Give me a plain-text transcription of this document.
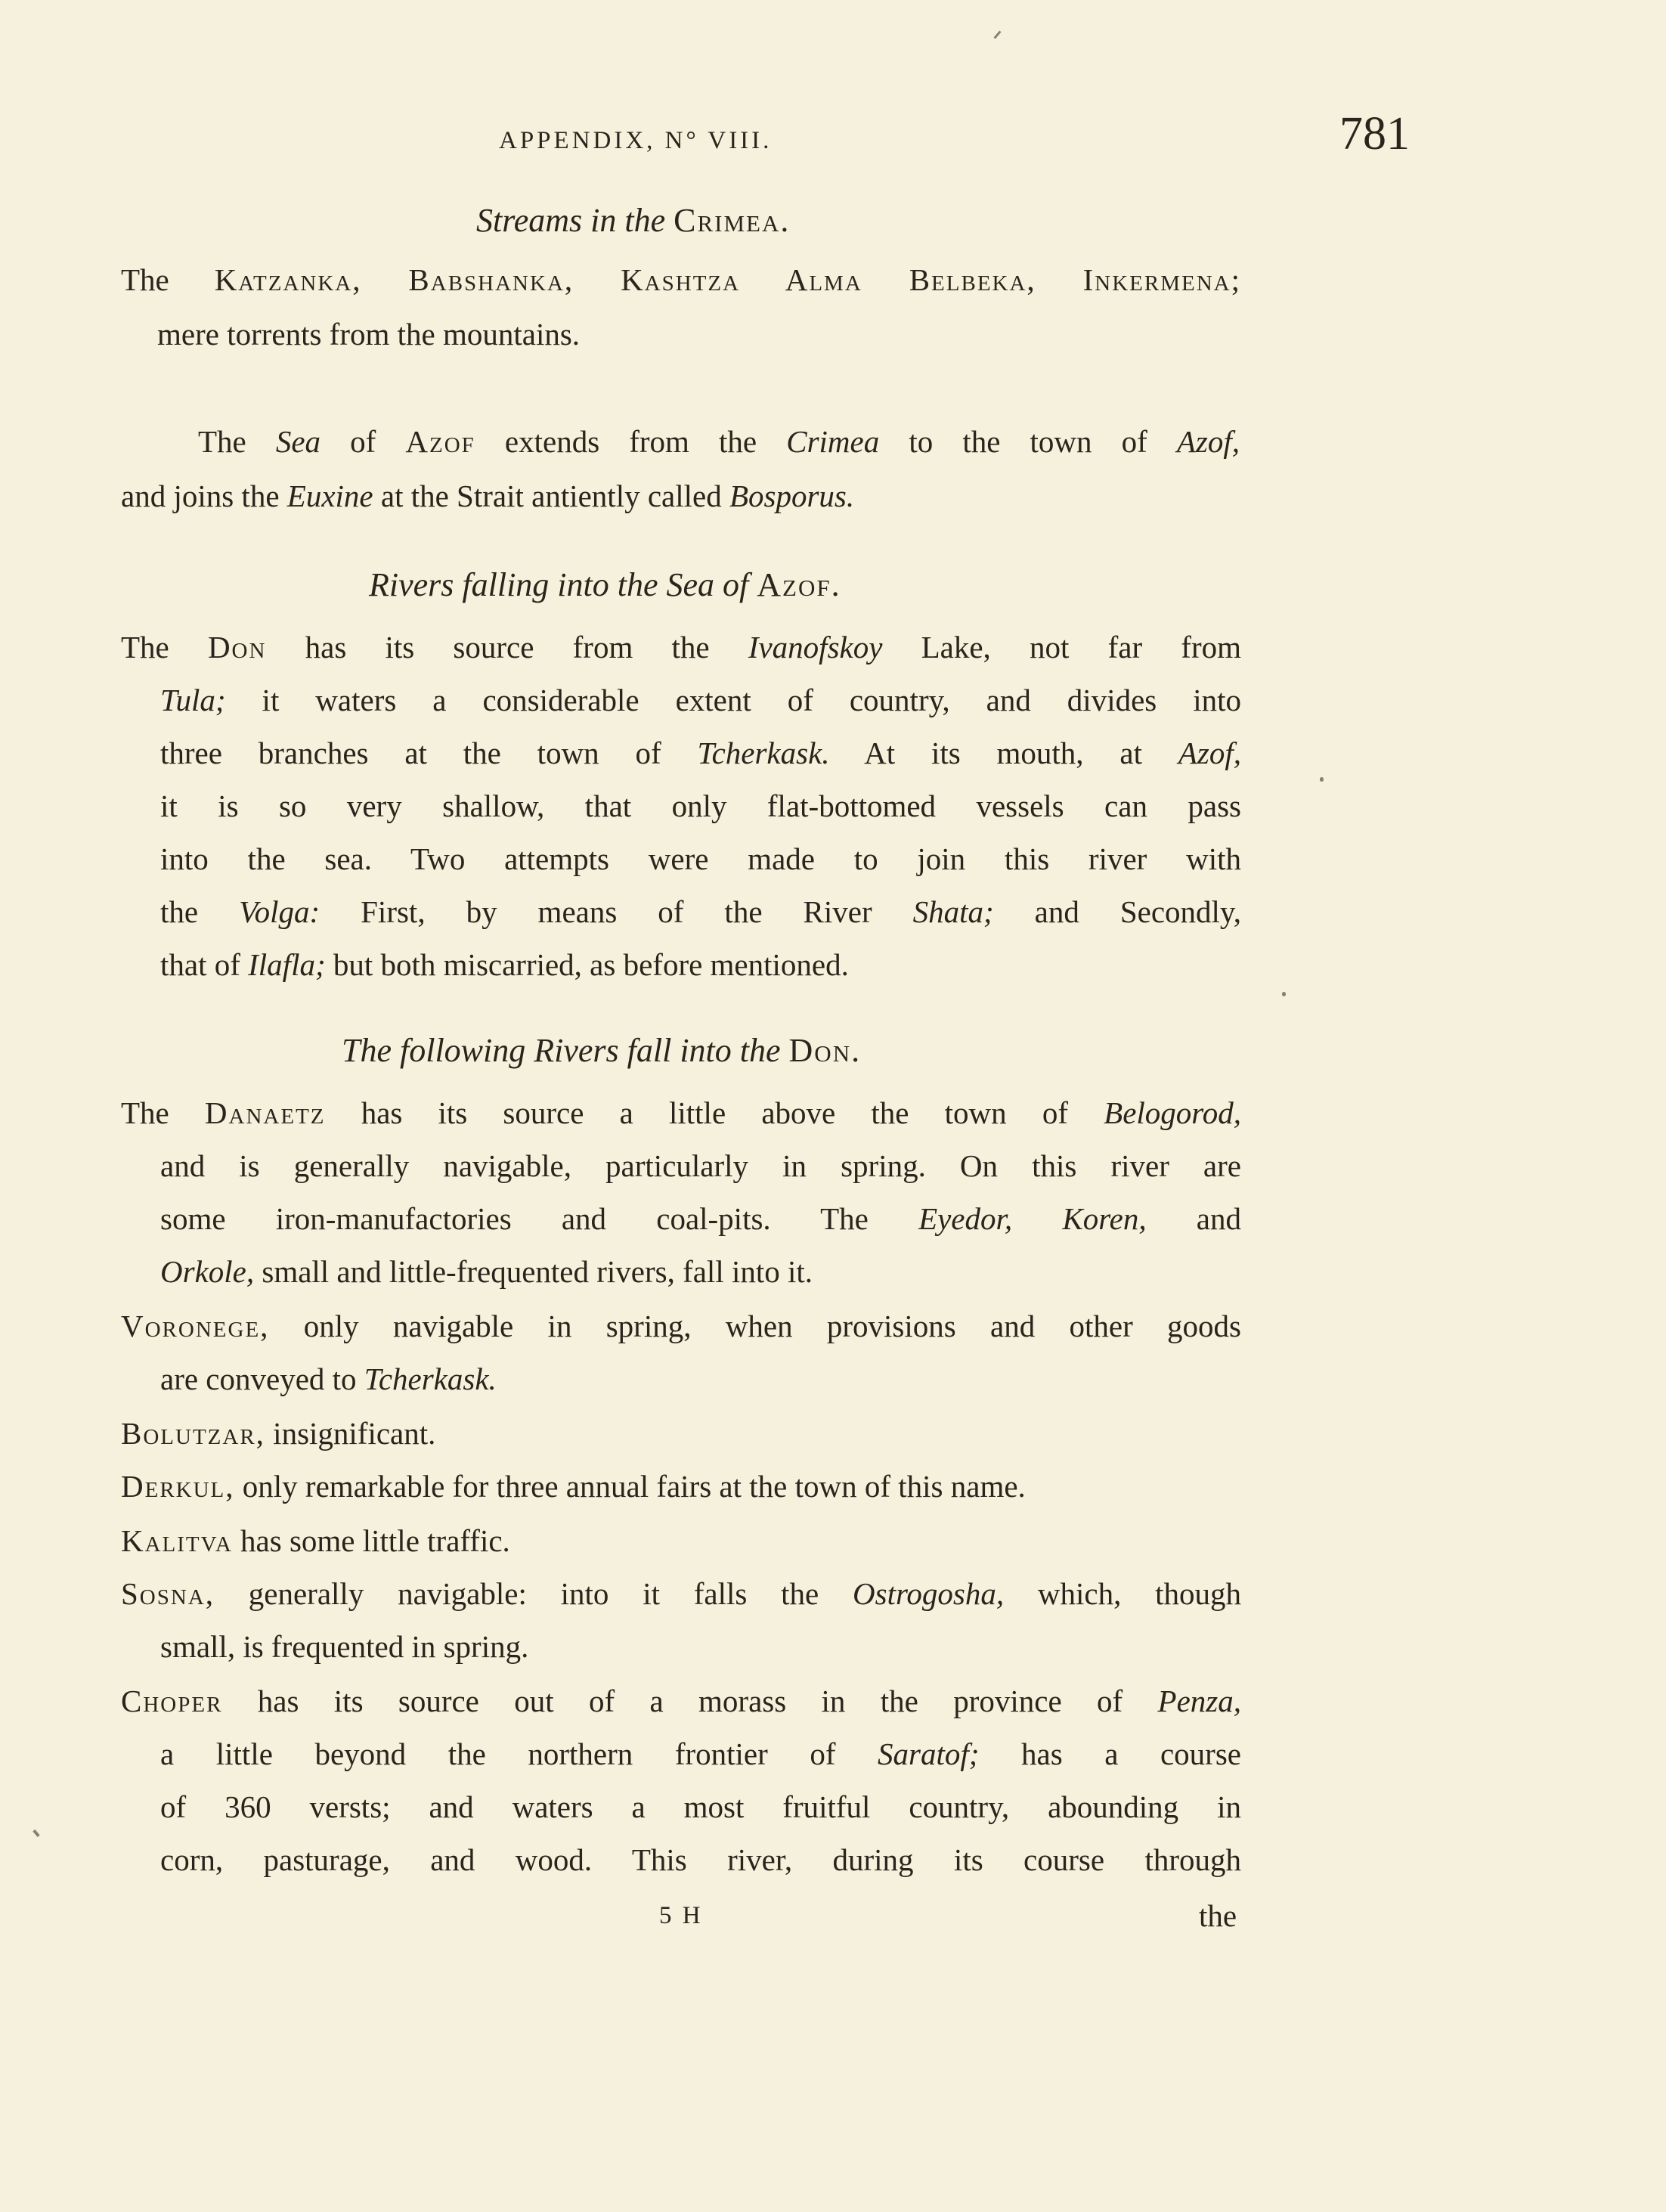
APPENDIX, N° VIII.	781
Streams in the Crimea.
The Katzanka, Babshanka, Kashtza Alma Belbeka, Inkermena;
mere torrents from the mountains.
The Sea of Azof extends from the Crimea to the town of Azof,
and joins the Euxine at the Strait antiently called Bosporus.
Rivers falling into the Sea of Azof.
The Don has its source from the Ivanofskoy Lake, not far from
Tula; it waters a considerable extent of country, and divides into
three branches at the town of Tcherkask. At its mouth, at Azof,
it is so very shallow, that only flat-bottomed vessels can pass
into the sea. Two attempts were made to join this river with
the Volga: First, by means of the River Shata; and Secondly,
that of Ilafla; but both miscarried, as before mentioned.
The following Rivers fall into the Don.
The Danaetz has its source a little above the town of Belogorod,
and is generally navigable, particularly in spring. On this river are
some iron-manufactories and coal-pits. The Eyedor, Koren, and
Orkole, small and little-frequented rivers, fall into it.
Voronege, only navigable in spring, when provisions and other goods
are conveyed to Tcherkask.
Bolutzar, insignificant.
Derkul, only remarkable for three annual fairs at the town of this name.
Kalitva has some little traffic.
Sosna, generally navigable: into it falls the Ostrogosha, which, though
small, is frequented in spring.
Choper has its source out of a morass in the province of Penza,
a little beyond the northern frontier of Saratof; has a course
of 360 versts; and waters a most fruitful country, abounding in
corn, pasturage, and wood. This river, during its course through
5 H	the
